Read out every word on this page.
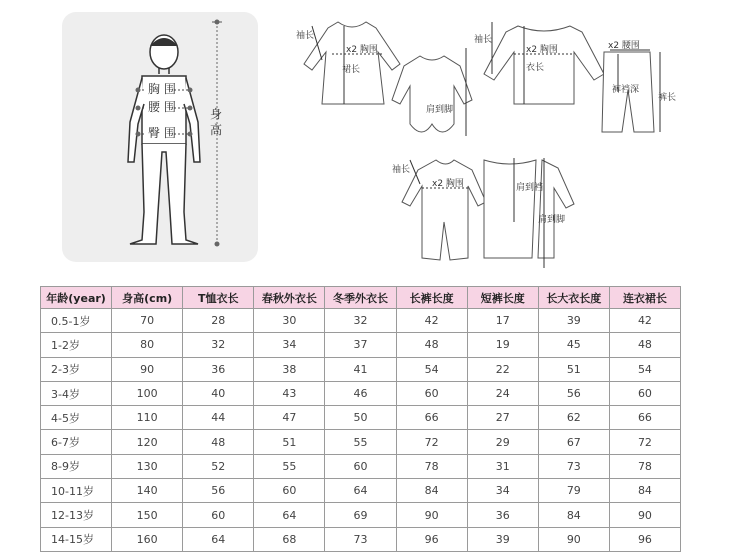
胸 围
腰 围
臀 围
身
高
袖长
x2 胸围
裙长
肩到脚
袖长
x2 胸围
衣长
x2 腰围
裤裆深
裤长
袖长
x2 胸围	肩到裆
肩到脚
年龄(year)	身高(cm)	T恤衣长	春秋外衣长	冬季外衣长	长裤长度	短裤长度	长大衣长度	连衣裙长
0.5-1岁	70	28	30	32	42	17	39	42
1-2岁	80	32	34	37	48	19	45	48
2-3岁	90	36	38	41	54	22	51	54
3-4岁	100	40	43	46	60	24	56	60
4-5岁	110	44	47	50	66	27	62	66
6-7岁	120	48	51	55	72	29	67	72
8-9岁	130	52	55	60	78	31	73	78
10-11岁	140	56	60	64	84	34	79	84
12-13岁	150	60	64	69	90	36	84	90
14-15岁	160	64	68	73	96	39	90	96
